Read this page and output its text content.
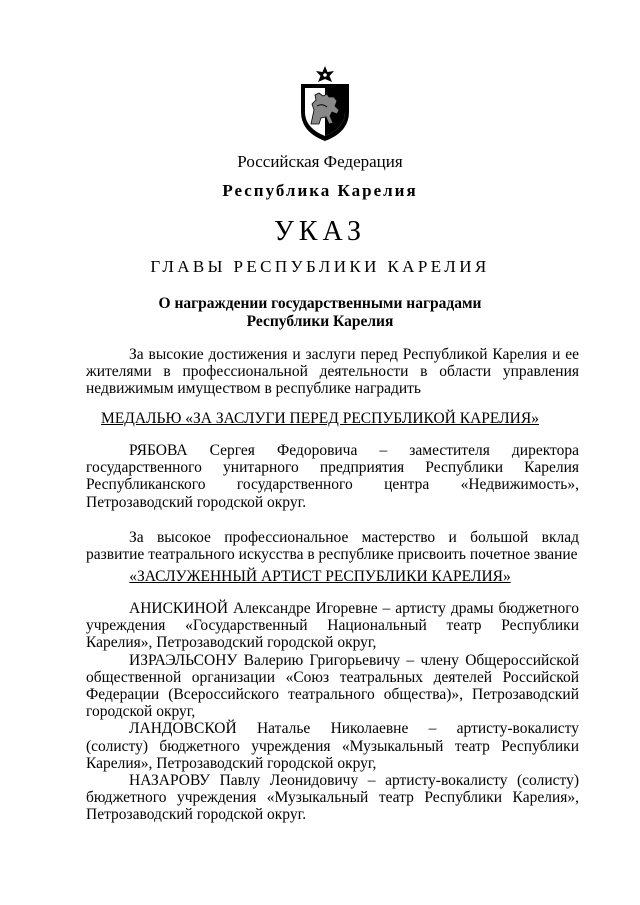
Российская Федерация
Республика Карелия
УКАЗ
ГЛАВЫ РЕСПУБЛИКИ КАРЕЛИЯ
О награждении государственными наградами
Республики Карелия
За высокие достижения и заслуги перед Республикой Карелия и ее жителями в профессиональной деятельности в области управления недвижимым имуществом в республике наградить
МЕДАЛЬЮ «ЗА ЗАСЛУГИ ПЕРЕД РЕСПУБЛИКОЙ КАРЕЛИЯ»
РЯБОВА Сергея Федоровича – заместителя директора государственного унитарного предприятия Республики Карелия Республиканского государственного центра «Недвижимость», Петрозаводский городской округ.
За высокое профессиональное мастерство и большой вклад развитие театрального искусства в республике присвоить почетное звание
«ЗАСЛУЖЕННЫЙ АРТИСТ РЕСПУБЛИКИ КАРЕЛИЯ»

АНИСКИНОЙ Александре Игоревне – артисту драмы бюджетного учреждения «Государственный Национальный театр Республики Карелия», Петрозаводский городской округ,

ИЗРАЭЛЬСОНУ Валерию Григорьевичу – члену Общероссийской общественной организации «Союз театральных деятелей Российской Федерации (Всероссийского театрального общества)», Петрозаводский городской округ,

ЛАНДОВСКОЙ Наталье Николаевне – артисту-вокалисту (солисту) бюджетного учреждения «Музыкальный театр Республики Карелия», Петрозаводский городской округ,

НАЗАРОВУ Павлу Леонидовичу – артисту-вокалисту (солисту) бюджетного учреждения «Музыкальный театр Республики Карелия», Петрозаводский городской округ.
